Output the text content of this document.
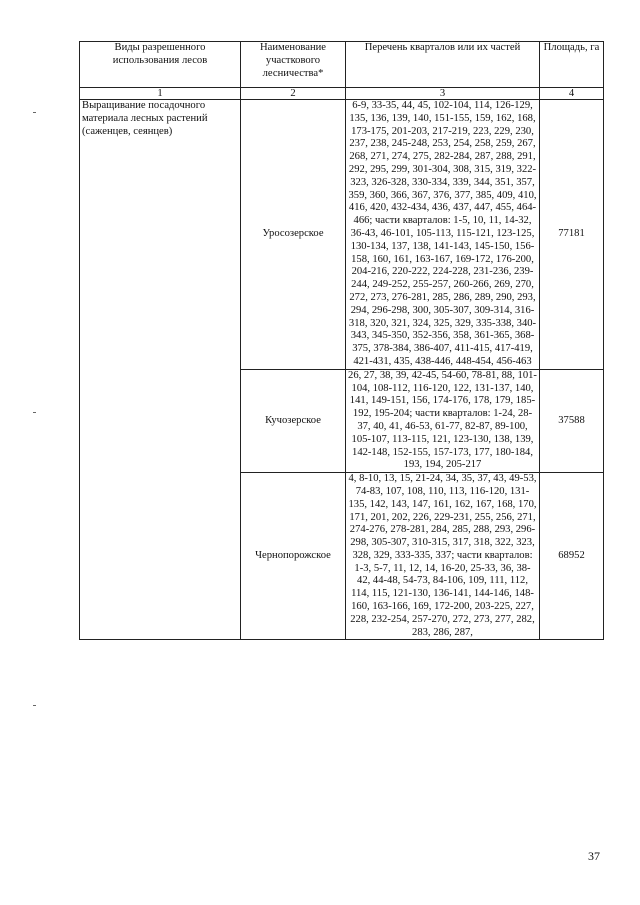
Виды разрешенного использования лесов	Наименование участкового лесничества*	Перечень кварталов или их частей	Площадь, га
1	2	3	4
Выращивание посадочного материала лесных растений (саженцев, сеянцев)	Уросозерское	6-9, 33-35, 44, 45, 102-104, 114, 126-129, 135, 136, 139, 140, 151-155, 159, 162, 168, 173-175, 201-203, 217-219, 223, 229, 230, 237, 238, 245-248, 253, 254, 258, 259, 267, 268, 271, 274, 275, 282-284, 287, 288, 291, 292, 295, 299, 301-304, 308, 315, 319, 322-323, 326-328, 330-334, 339, 344, 351, 357, 359, 360, 366, 367, 376, 377, 385, 409, 410, 416, 420, 432-434, 436, 437, 447, 455, 464-466; части кварталов: 1-5, 10, 11, 14-32, 36-43, 46-101, 105-113, 115-121, 123-125, 130-134, 137, 138, 141-143, 145-150, 156-158, 160, 161, 163-167, 169-172, 176-200, 204-216, 220-222, 224-228, 231-236, 239-244, 249-252, 255-257, 260-266, 269, 270, 272, 273, 276-281, 285, 286, 289, 290, 293, 294, 296-298, 300, 305-307, 309-314, 316-318, 320, 321, 324, 325, 329, 335-338, 340-343, 345-350, 352-356, 358, 361-365, 368-375, 378-384, 386-407, 411-415, 417-419, 421-431, 435, 438-446, 448-454, 456-463	77181
	Кучозерское	26, 27, 38, 39, 42-45, 54-60, 78-81, 88, 101-104, 108-112, 116-120, 122, 131-137, 140, 141, 149-151, 156, 174-176, 178, 179, 185-192, 195-204; части кварталов: 1-24, 28-37, 40, 41, 46-53, 61-77, 82-87, 89-100, 105-107, 113-115, 121, 123-130, 138, 139, 142-148, 152-155, 157-173, 177, 180-184, 193, 194, 205-217	37588
	Чернопорожское	4, 8-10, 13, 15, 21-24, 34, 35, 37, 43, 49-53, 74-83, 107, 108, 110, 113, 116-120, 131-135, 142, 143, 147, 161, 162, 167, 168, 170, 171, 201, 202, 226, 229-231, 255, 256, 271, 274-276, 278-281, 284, 285, 288, 293, 296-298, 305-307, 310-315, 317, 318, 322, 323, 328, 329, 333-335, 337; части кварталов: 1-3, 5-7, 11, 12, 14, 16-20, 25-33, 36, 38-42, 44-48, 54-73, 84-106, 109, 111, 112, 114, 115, 121-130, 136-141, 144-146, 148-160, 163-166, 169, 172-200, 203-225, 227, 228, 232-254, 257-270, 272, 273, 277, 282, 283, 286, 287,	68952
37
